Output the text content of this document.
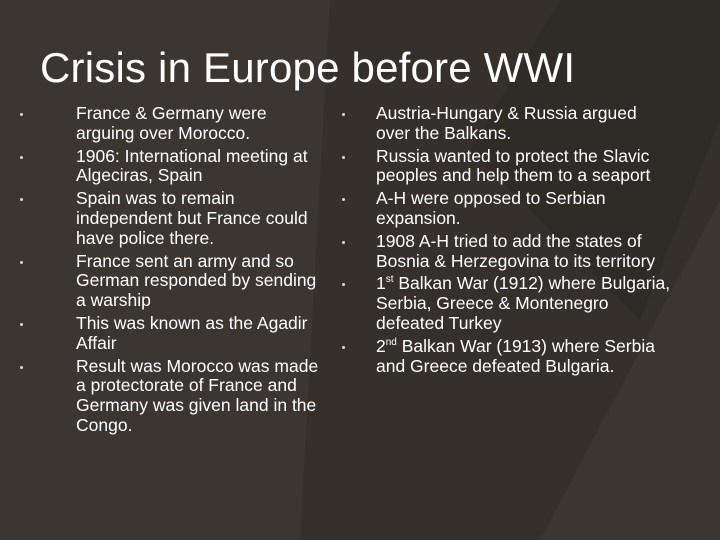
Crisis in Europe before WWI
France & Germany were arguing over Morocco.
1906: International meeting at Algeciras, Spain
Spain was to remain independent but France could have police there.
France sent an army and so German responded by sending a warship
This was known as the Agadir Affair
Result was Morocco was made a protectorate of France and Germany was given land in the Congo.
Austria-Hungary & Russia argued over the Balkans.
Russia wanted to protect the Slavic peoples and help them to a seaport
A-H were opposed to Serbian expansion.
1908 A-H tried to add the states of Bosnia & Herzegovina to its territory
1st Balkan War (1912) where Bulgaria, Serbia, Greece & Montenegro defeated Turkey
2nd Balkan War (1913) where Serbia and Greece defeated Bulgaria.
